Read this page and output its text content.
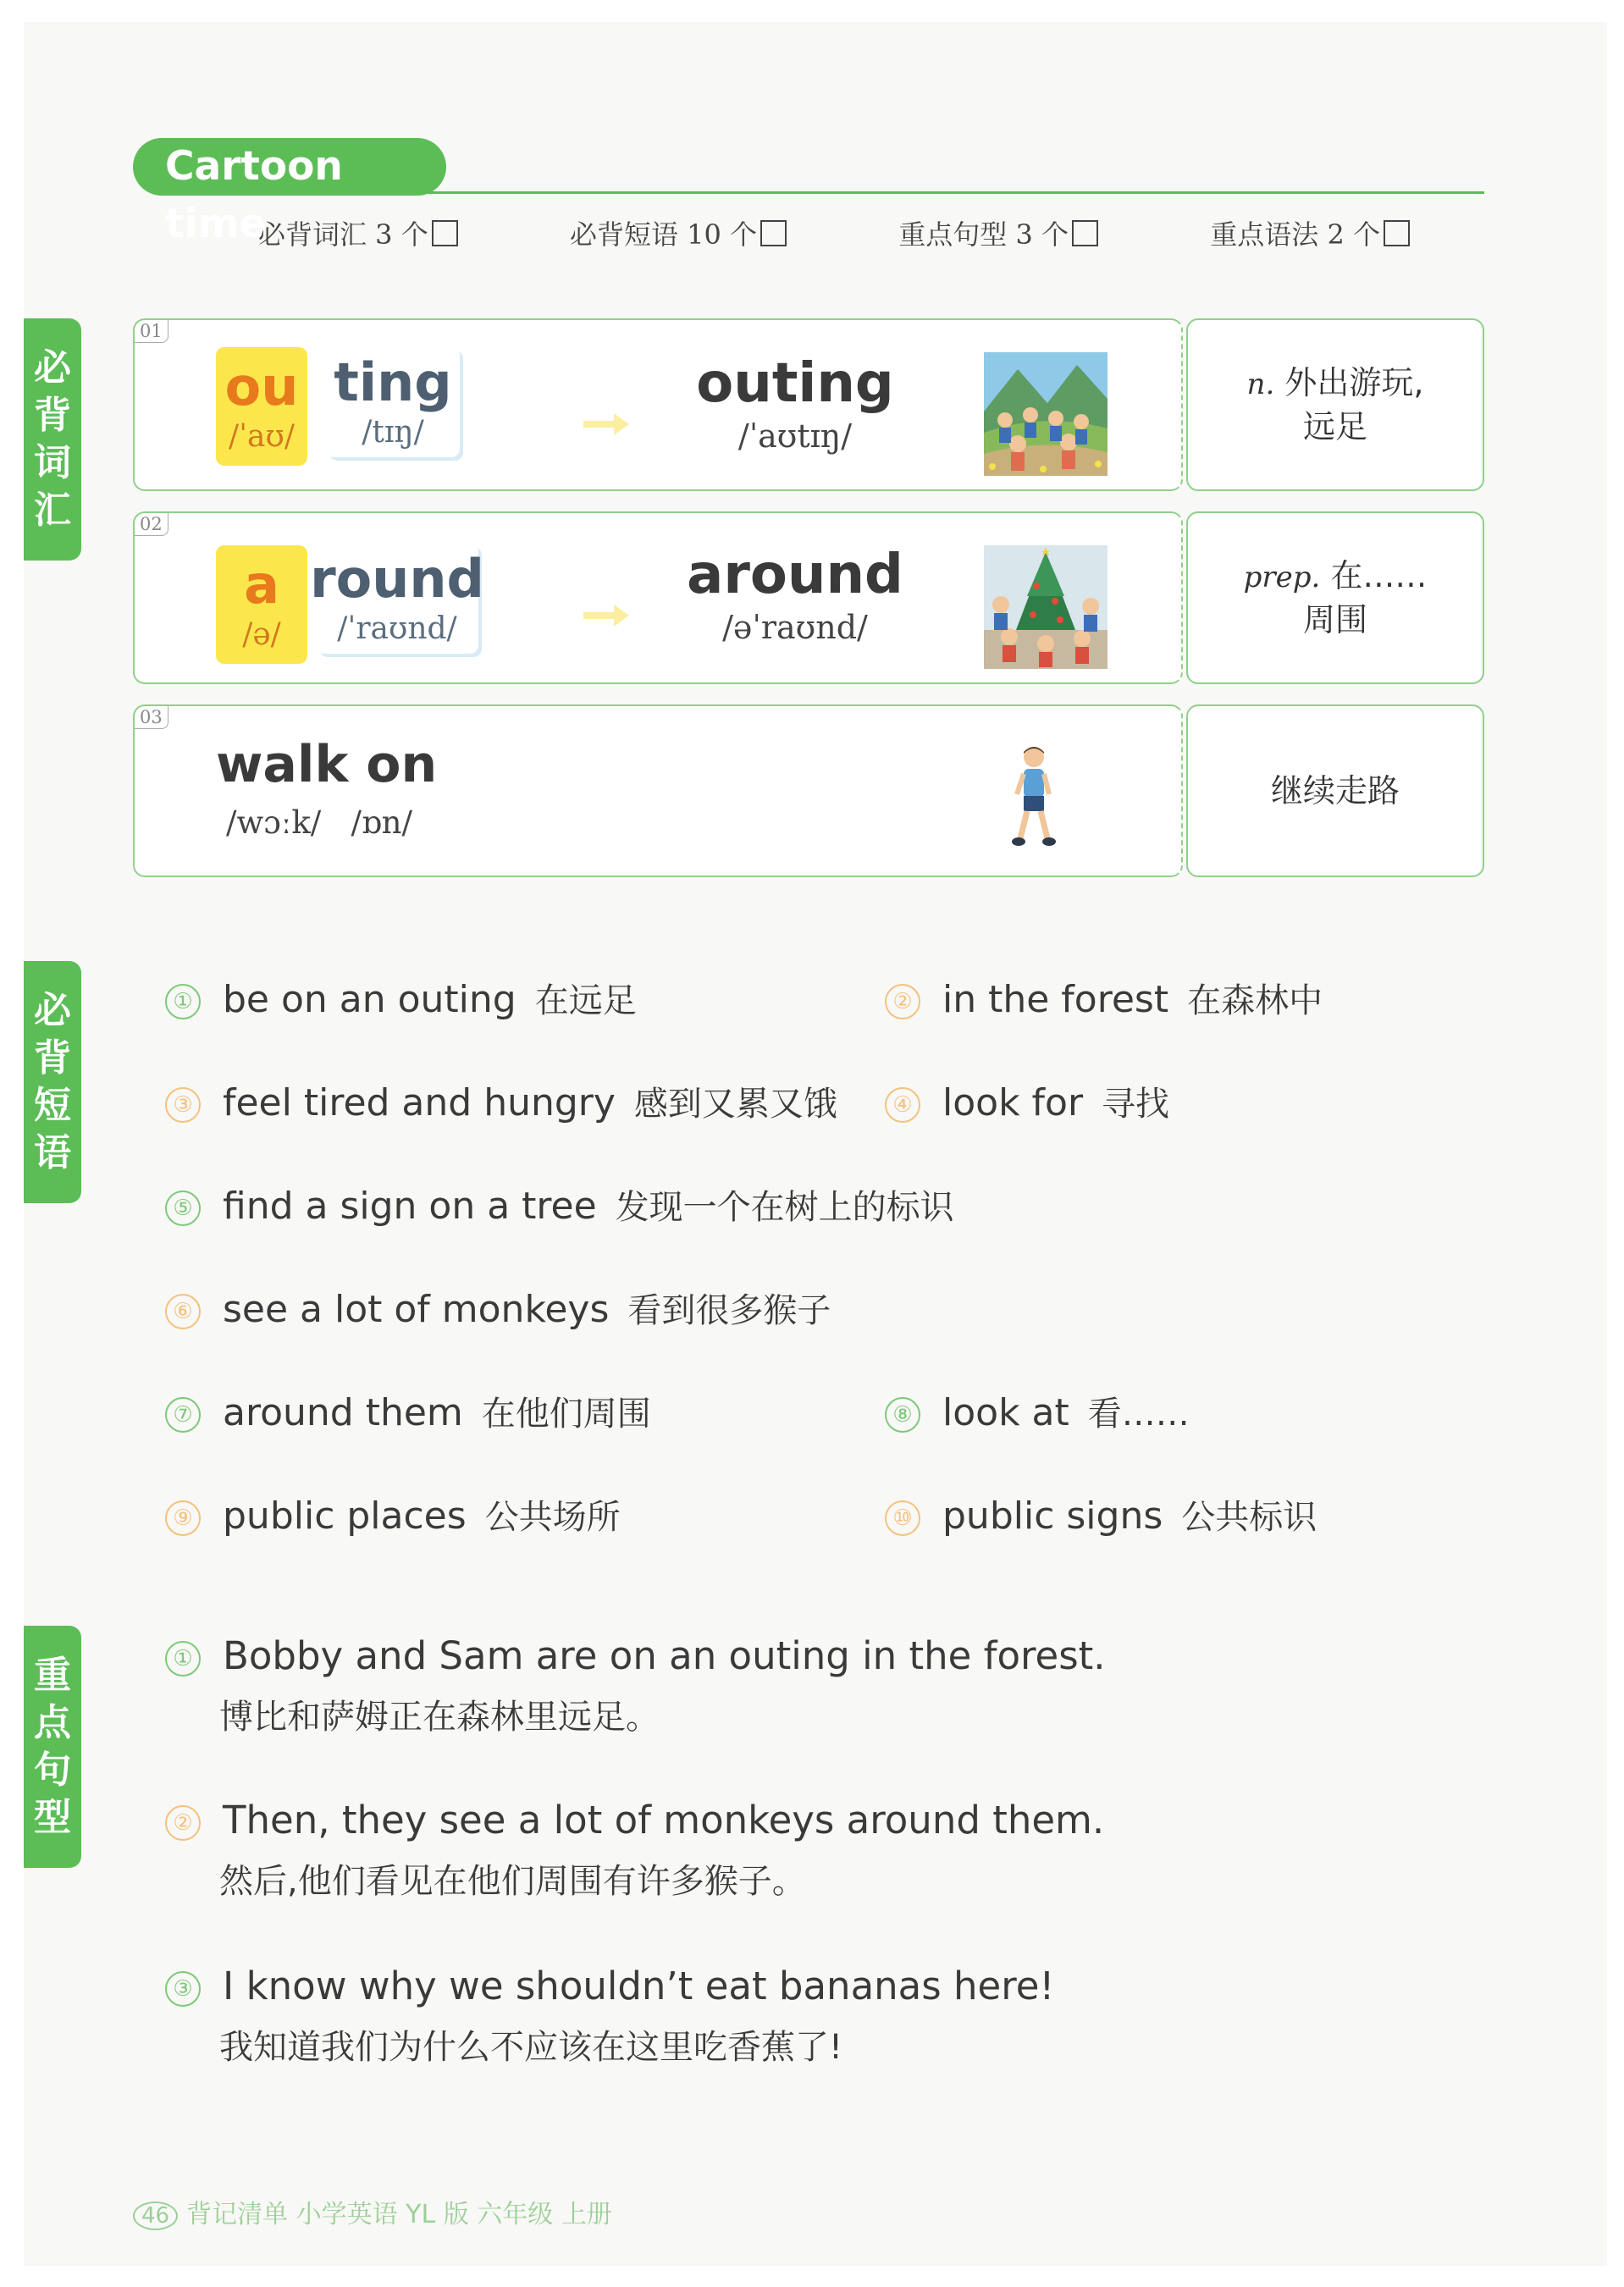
Cartoon time
必背词汇 3 个	必背短语 10 个	重点句型 3 个	重点语法 2 个
必
背
词
汇
必
背
短
语
重
点
句
型
01
ou
/ˈaʊ/
ting
/tɪŋ/
outing
/ˈaʊtɪŋ/
n. 外出游玩,
远足
02
a
/ə/
round
/ˈraʊnd/
around
/əˈraʊnd/
prep. 在……
周围
03
walk on
/wɔːk/ /ɒn/
继续走路
① be on an outing 在远足	② in the forest 在森林中
③ feel tired and hungry 感到又累又饿	④ look for 寻找
⑤ find a sign on a tree 发现一个在树上的标识
⑥ see a lot of monkeys 看到很多猴子
⑦ around them 在他们周围	⑧ look at 看……
⑨ public places 公共场所	⑩ public signs 公共标识
① Bobby and Sam are on an outing in the forest.
博比和萨姆正在森林里远足。
② Then, they see a lot of monkeys around them.
然后,他们看见在他们周围有许多猴子。
③ I know why we shouldn’t eat bananas here!
我知道我们为什么不应该在这里吃香蕉了!
46 背记清单 小学英语 YL 版 六年级 上册
